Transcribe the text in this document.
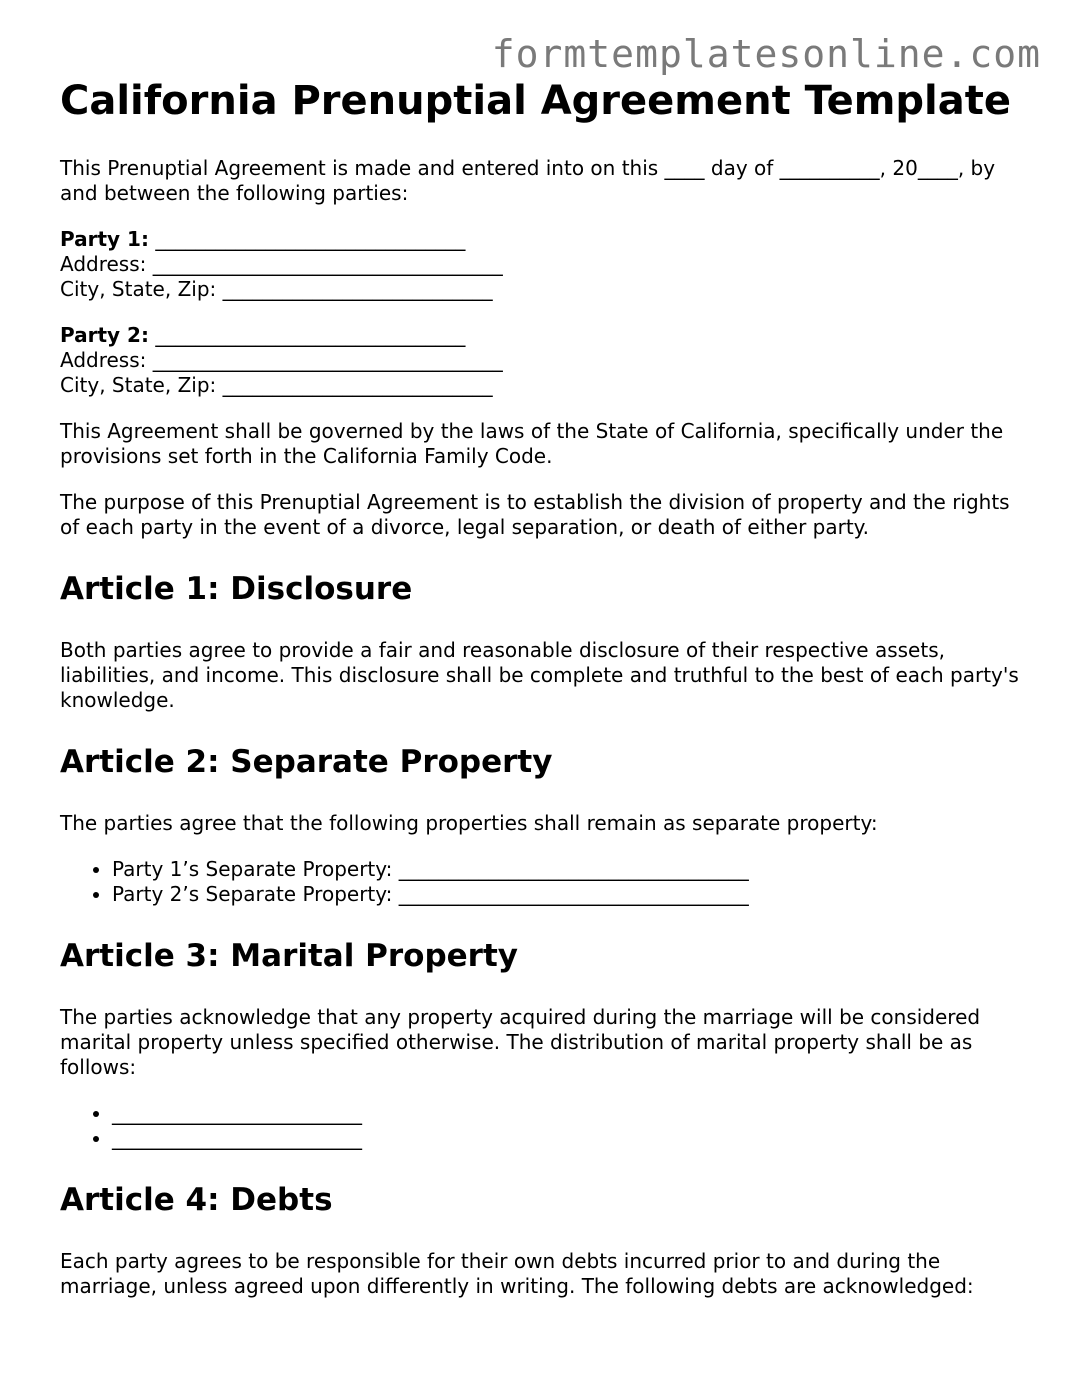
formtemplatesonline.com
California Prenuptial Agreement Template

This Prenuptial Agreement is made and entered into on this ____ day of __________, 20____, by and between the following parties:

Party 1: _______________________________
Address: ___________________________________
City, State, Zip: ___________________________
Party 2: _______________________________
Address: ___________________________________
City, State, Zip: ___________________________

This Agreement shall be governed by the laws of the State of California, specifically under the provisions set forth in the California Family Code.

The purpose of this Prenuptial Agreement is to establish the division of property and the rights of each party in the event of a divorce, legal separation, or death of either party.

Article 1: Disclosure

Both parties agree to provide a fair and reasonable disclosure of their respective assets, liabilities, and income. This disclosure shall be complete and truthful to the best of each party's knowledge.

Article 2: Separate Property

The parties agree that the following properties shall remain as separate property:

• Party 1’s Separate Property: ___________________________________
• Party 2’s Separate Property: ___________________________________
Article 3: Marital Property

The parties acknowledge that any property acquired during the marriage will be considered marital property unless specified otherwise. The distribution of marital property shall be as follows:

• _________________________
• _________________________
Article 4: Debts

Each party agrees to be responsible for their own debts incurred prior to and during the marriage, unless agreed upon differently in writing. The following debts are acknowledged:
